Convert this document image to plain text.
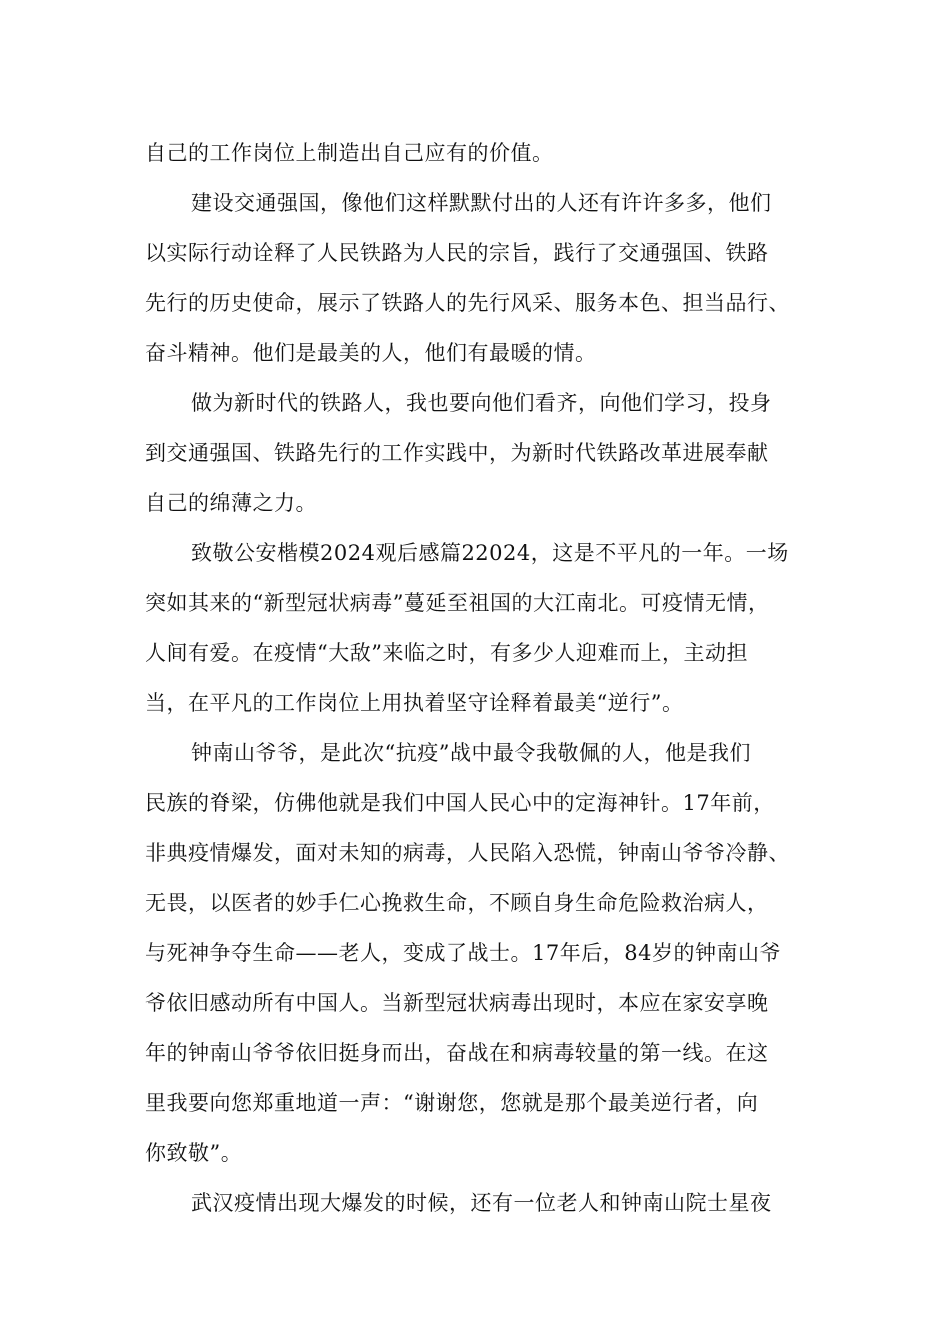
自己的工作岗位上制造出自己应有的价值。
建设交通强国，像他们这样默默付出的人还有许许多多，他们
以实际行动诠释了人民铁路为人民的宗旨，践行了交通强国、铁路
先行的历史使命，展示了铁路人的先行风采、服务本色、担当品行、
奋斗精神。他们是最美的人，他们有最暖的情。
做为新时代的铁路人，我也要向他们看齐，向他们学习，投身
到交通强国、铁路先行的工作实践中，为新时代铁路改革进展奉献
自己的绵薄之力。
致敬公安楷模2024观后感篇22024，这是不平凡的一年。一场
突如其来的“新型冠状病毒”蔓延至祖国的大江南北。可疫情无情，
人间有爱。在疫情“大敌”来临之时，有多少人迎难而上，主动担
当，在平凡的工作岗位上用执着坚守诠释着最美“逆行”。
钟南山爷爷，是此次“抗疫”战中最令我敬佩的人，他是我们
民族的脊梁，仿佛他就是我们中国人民心中的定海神针。17年前，
非典疫情爆发，面对未知的病毒，人民陷入恐慌，钟南山爷爷冷静、
无畏，以医者的妙手仁心挽救生命，不顾自身生命危险救治病人，
与死神争夺生命——老人，变成了战士。17年后，84岁的钟南山爷
爷依旧感动所有中国人。当新型冠状病毒出现时，本应在家安享晚
年的钟南山爷爷依旧挺身而出，奋战在和病毒较量的第一线。在这
里我要向您郑重地道一声：“谢谢您，您就是那个最美逆行者，向
你致敬”。
武汉疫情出现大爆发的时候，还有一位老人和钟南山院士星夜
